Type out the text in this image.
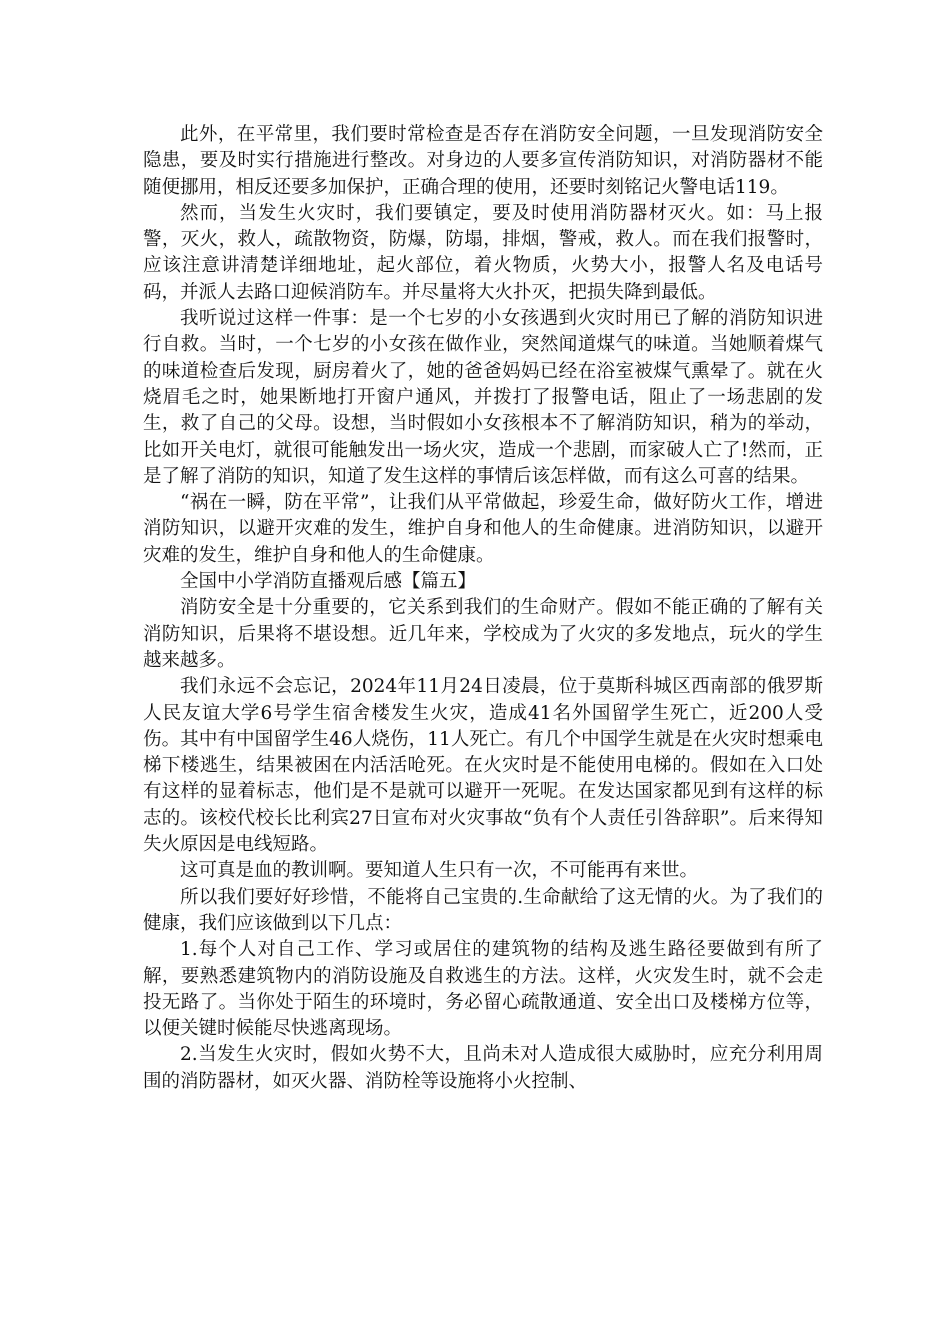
此外，在平常里，我们要时常检查是否存在消防安全问题，一旦发现消防安全隐患，要及时实行措施进行整改。对身边的人要多宣传消防知识，对消防器材不能随便挪用，相反还要多加保护，正确合理的使用，还要时刻铭记火警电话119。

然而，当发生火灾时，我们要镇定，要及时使用消防器材灭火。如：马上报警，灭火，救人，疏散物资，防爆，防塌，排烟，警戒，救人。而在我们报警时，应该注意讲清楚详细地址，起火部位，着火物质，火势大小，报警人名及电话号码，并派人去路口迎候消防车。并尽量将大火扑灭，把损失降到最低。

我听说过这样一件事：是一个七岁的小女孩遇到火灾时用已了解的消防知识进行自救。当时，一个七岁的小女孩在做作业，突然闻道煤气的味道。当她顺着煤气的味道检查后发现，厨房着火了，她的爸爸妈妈已经在浴室被煤气熏晕了。就在火烧眉毛之时，她果断地打开窗户通风，并拨打了报警电话，阻止了一场悲剧的发生，救了自己的父母。设想，当时假如小女孩根本不了解消防知识，稍为的举动，比如开关电灯，就很可能触发出一场火灾，造成一个悲剧，而家破人亡了!然而，正是了解了消防的知识，知道了发生这样的事情后该怎样做，而有这么可喜的结果。

“祸在一瞬，防在平常”，让我们从平常做起，珍爱生命，做好防火工作，增进消防知识，以避开灾难的发生，维护自身和他人的生命健康。进消防知识，以避开灾难的发生，维护自身和他人的生命健康。

全国中小学消防直播观后感【篇五】

消防安全是十分重要的，它关系到我们的生命财产。假如不能正确的了解有关消防知识，后果将不堪设想。近几年来，学校成为了火灾的多发地点，玩火的学生越来越多。

我们永远不会忘记，2024年11月24日凌晨，位于莫斯科城区西南部的俄罗斯人民友谊大学6号学生宿舍楼发生火灾，造成41名外国留学生死亡，近200人受伤。其中有中国留学生46人烧伤，11人死亡。有几个中国学生就是在火灾时想乘电梯下楼逃生，结果被困在内活活呛死。在火灾时是不能使用电梯的。假如在入口处有这样的显着标志，他们是不是就可以避开一死呢。在发达国家都见到有这样的标志的。该校代校长比利宾27日宣布对火灾事故“负有个人责任引咎辞职”。后来得知失火原因是电线短路。

这可真是血的教训啊。要知道人生只有一次，不可能再有来世。

所以我们要好好珍惜，不能将自己宝贵的.生命献给了这无情的火。为了我们的健康，我们应该做到以下几点：

1.每个人对自己工作、学习或居住的建筑物的结构及逃生路径要做到有所了解，要熟悉建筑物内的消防设施及自救逃生的方法。这样，火灾发生时，就不会走投无路了。当你处于陌生的环境时，务必留心疏散通道、安全出口及楼梯方位等，以便关键时候能尽快逃离现场。

2.当发生火灾时，假如火势不大，且尚未对人造成很大威胁时，应充分利用周围的消防器材，如灭火器、消防栓等设施将小火控制、
